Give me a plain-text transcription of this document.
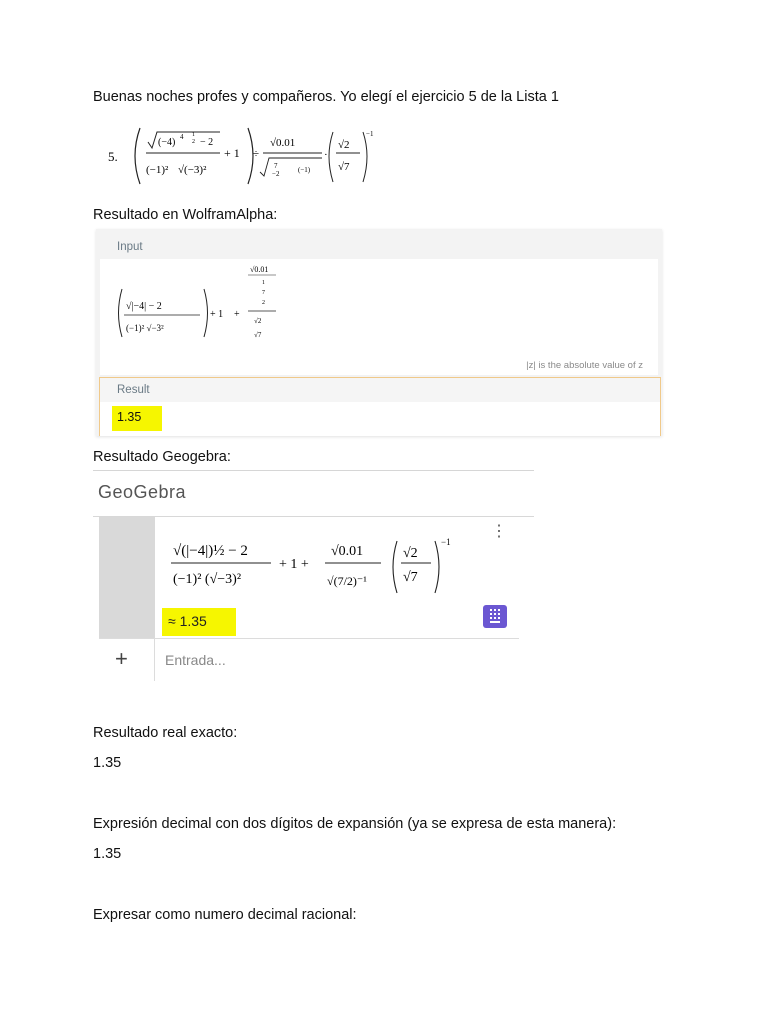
Buenas noches profes y compañeros. Yo elegí el ejercicio 5 de la Lista 1
5.
(−4) 4 1
2 − 2
(−1)² √(−3)²
+ 1 ÷
√0.01
7
−2	(−1)
·
√2
√7
−1
Resultado en WolframAlpha:
Input
√|−4| − 2
(−1)² √−3²
+ 1 +
√0.01
1
7
2
√2
√7
|z| is the absolute value of z
Result
1.35
Resultado Geogebra:
GeoGebra
√(|−4|)½ − 2
(−1)² (√−3)²
+ 1 +
√0.01
√(7/2)⁻¹
√2
√7
−1
⋮
≈ 1.35
+	Entrada...
Resultado real exacto:
1.35
Expresión decimal con dos dígitos de expansión (ya se expresa de esta manera):
1.35
Expresar como numero decimal racional:
